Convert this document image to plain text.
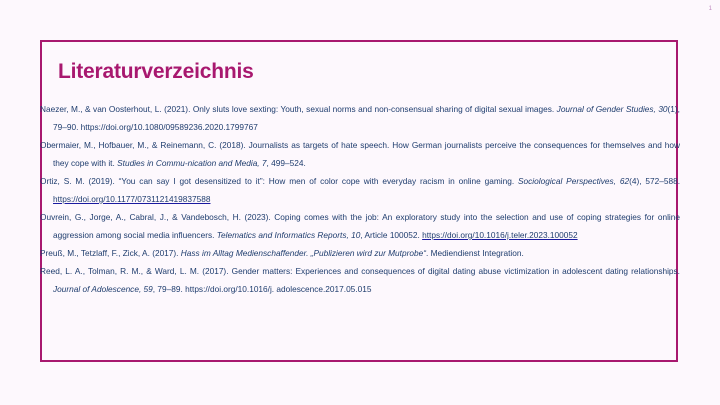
1
Literaturverzeichnis
Naezer, M., & van Oosterhout, L. (2021). Only sluts love sexting: Youth, sexual norms and non-consensual sharing of digital sexual images. Journal of Gender Studies, 30(1), 79–90. https://doi.org/10.1080/09589236.2020.1799767
Obermaier, M., Hofbauer, M., & Reinemann, C. (2018). Journalists as targets of hate speech. How German journalists perceive the consequences for themselves and how they cope with it. Studies in Commu-nication and Media, 7, 499–524.
Ortiz, S. M. (2019). “You can say I got desensitized to it”: How men of color cope with everyday racism in online gaming. Sociological Perspectives, 62(4), 572–588. https://doi.org/10.1177/0731121419837588
Ouvrein, G., Jorge, A., Cabral, J., & Vandebosch, H. (2023). Coping comes with the job: An exploratory study into the selection and use of coping strategies for online aggression among social media influencers. Telematics and Informatics Reports, 10, Article 100052. https://doi.org/10.1016/j.teler.2023.100052
Preuß, M., Tetzlaff, F., Zick, A. (2017). Hass im Alltag Medienschaffender. „Publizieren wird zur Mutprobe“. Mediendienst Integration.
Reed, L. A., Tolman, R. M., & Ward, L. M. (2017). Gender matters: Experiences and consequences of digital dating abuse victimization in adolescent dating relationships. Journal of Adolescence, 59, 79–89. https://doi.org/10.1016/j. adolescence.2017.05.015
